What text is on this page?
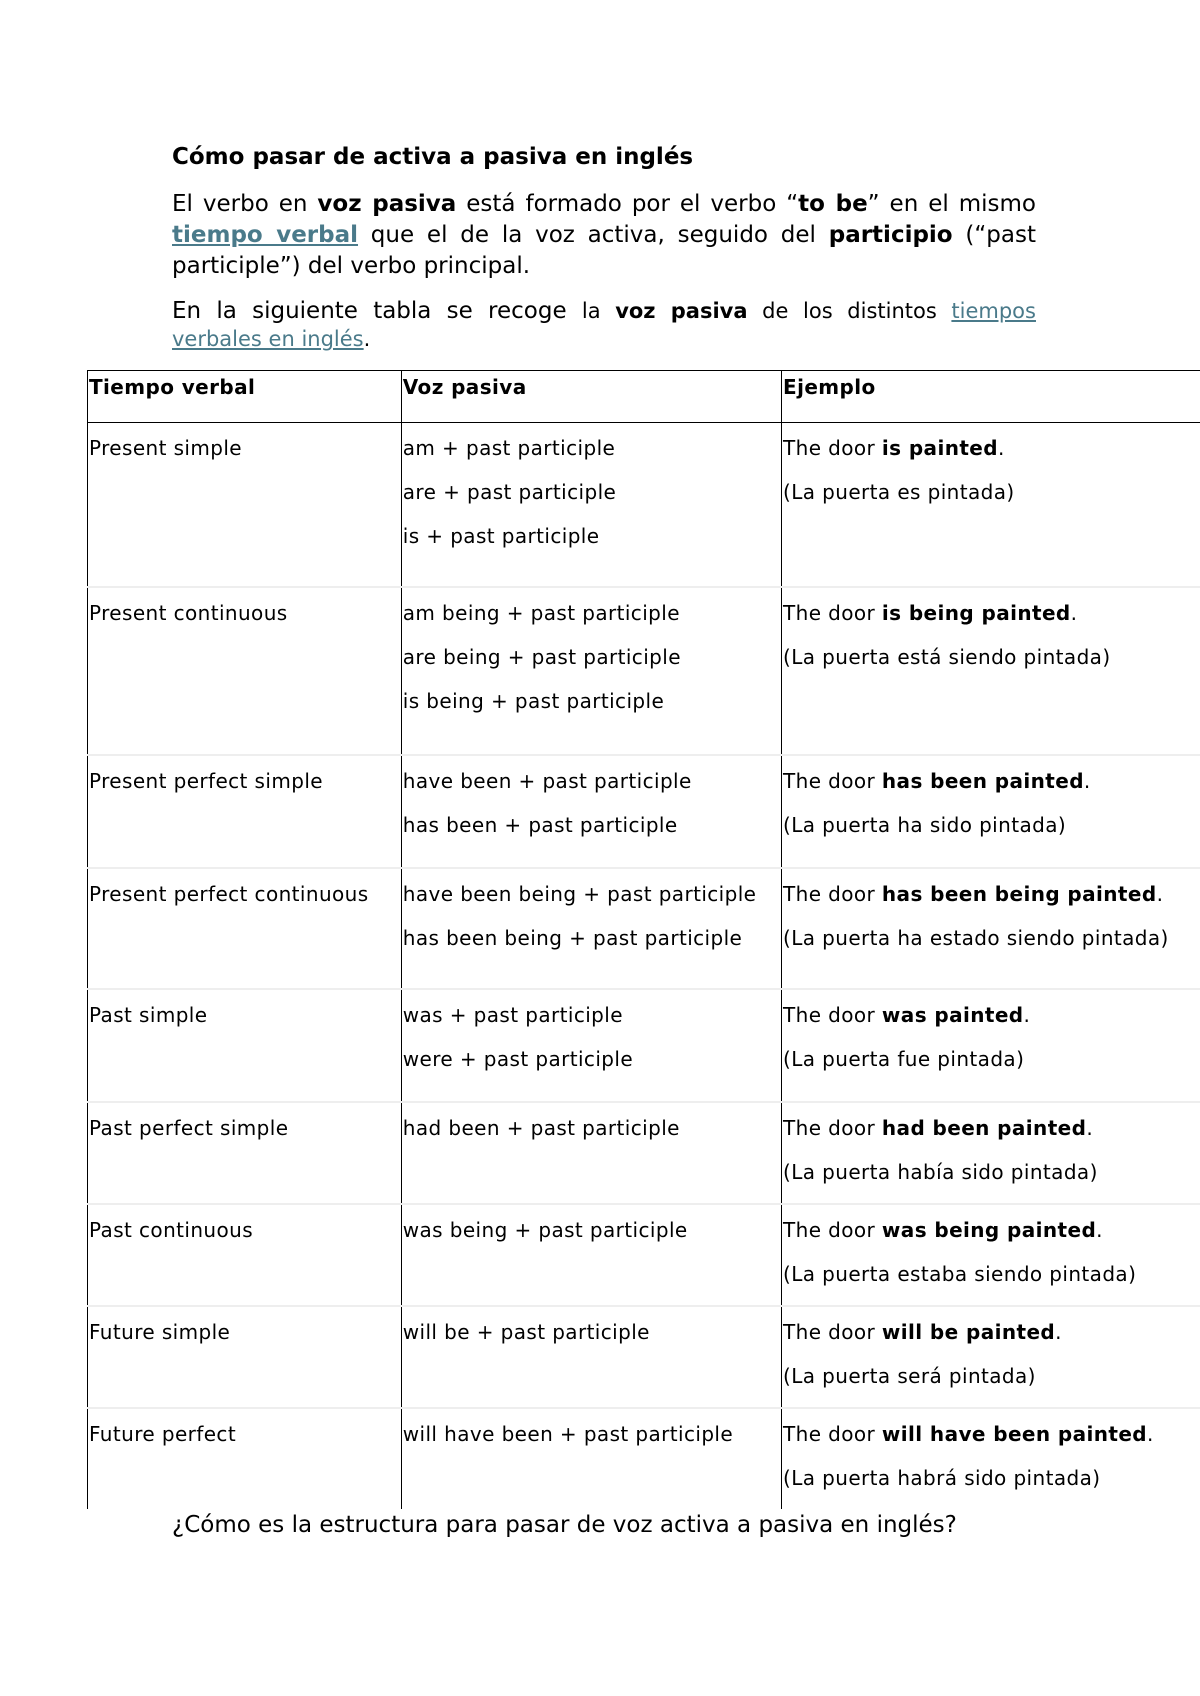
Cómo pasar de activa a pasiva en inglés

El verbo en voz pasiva está formado por el verbo “to be” en el mismo tiempo verbal que el de la voz activa, seguido del participio (“past participle”) del verbo principal.

En la siguiente tabla se recoge la voz pasiva de los distintos tiempos verbales en inglés.

Tiempo verbal	Voz pasiva	Ejemplo

Present simple	am + past participle
are + past participle
is + past participle	The door is painted.
(La puerta es pintada)

Present continuous	am being + past participle
are being + past participle
is being + past participle	The door is being painted.
(La puerta está siendo pintada)

Present perfect simple	have been + past participle
has been + past participle	The door has been painted.
(La puerta ha sido pintada)

Present perfect continuous	have been being + past participle
has been being + past participle	The door has been being painted.
(La puerta ha estado siendo pintada)

Past simple	was + past participle
were + past participle	The door was painted.
(La puerta fue pintada)

Past perfect simple	had been + past participle	The door had been painted.
(La puerta había sido pintada)

Past continuous	was being + past participle	The door was being painted.
(La puerta estaba siendo pintada)

Future simple	will be + past participle	The door will be painted.
(La puerta será pintada)

Future perfect	will have been + past participle	The door will have been painted.
(La puerta habrá sido pintada)

¿Cómo es la estructura para pasar de voz activa a pasiva en inglés?
